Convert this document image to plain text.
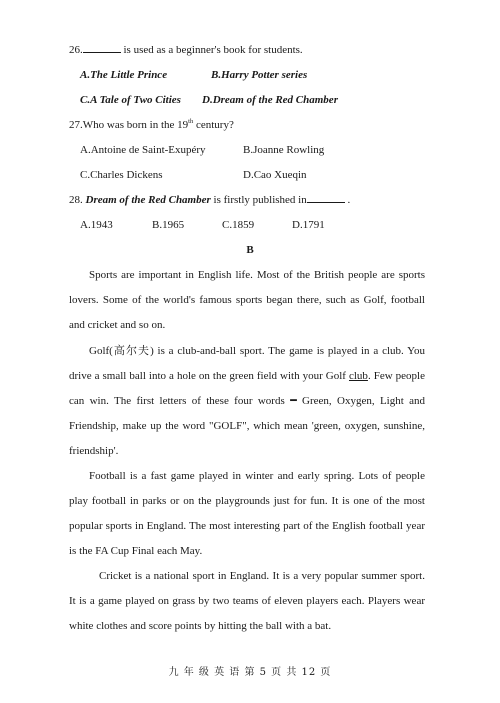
26.	is used as a beginner's book for students.
A.The Little Prince	B.Harry Potter series
C.A Tale of Two Cities D.Dream of the Red Chamber
27.Who was born in the 19th century?
A.Antoine de Saint-Exupéry	B.Joanne Rowling
C.Charles Dickens	D.Cao Xueqin
28. Dream of the Red Chamber is firstly published in	.
A.1943	B.1965	C.1859	D.1791
B
Sports are important in English life. Most of the British people are sports
lovers. Some of the world's famous sports began there, such as Golf, football
and cricket and so on.
Golf(高尔夫) is a club-and-ball sport. The game is played in a club. You
drive a small ball into a hole on the green field with your Golf club. Few people
can win. The first letters of these four words ━ Green, Oxygen, Light and
Friendship, make up the word "GOLF", which mean 'green, oxygen, sunshine,
friendship'.
Football is a fast game played in winter and early spring. Lots of people
play football in parks or on the playgrounds just for fun. It is one of the most
popular sports in England. The most interesting part of the English football year
is the FA Cup Final each May.
Cricket is a national sport in England. It is a very popular summer sport.
It is a game played on grass by two teams of eleven players each. Players wear
white clothes and score points by hitting the ball with a bat.
九 年 级 英 语 第 5 页 共 12 页
